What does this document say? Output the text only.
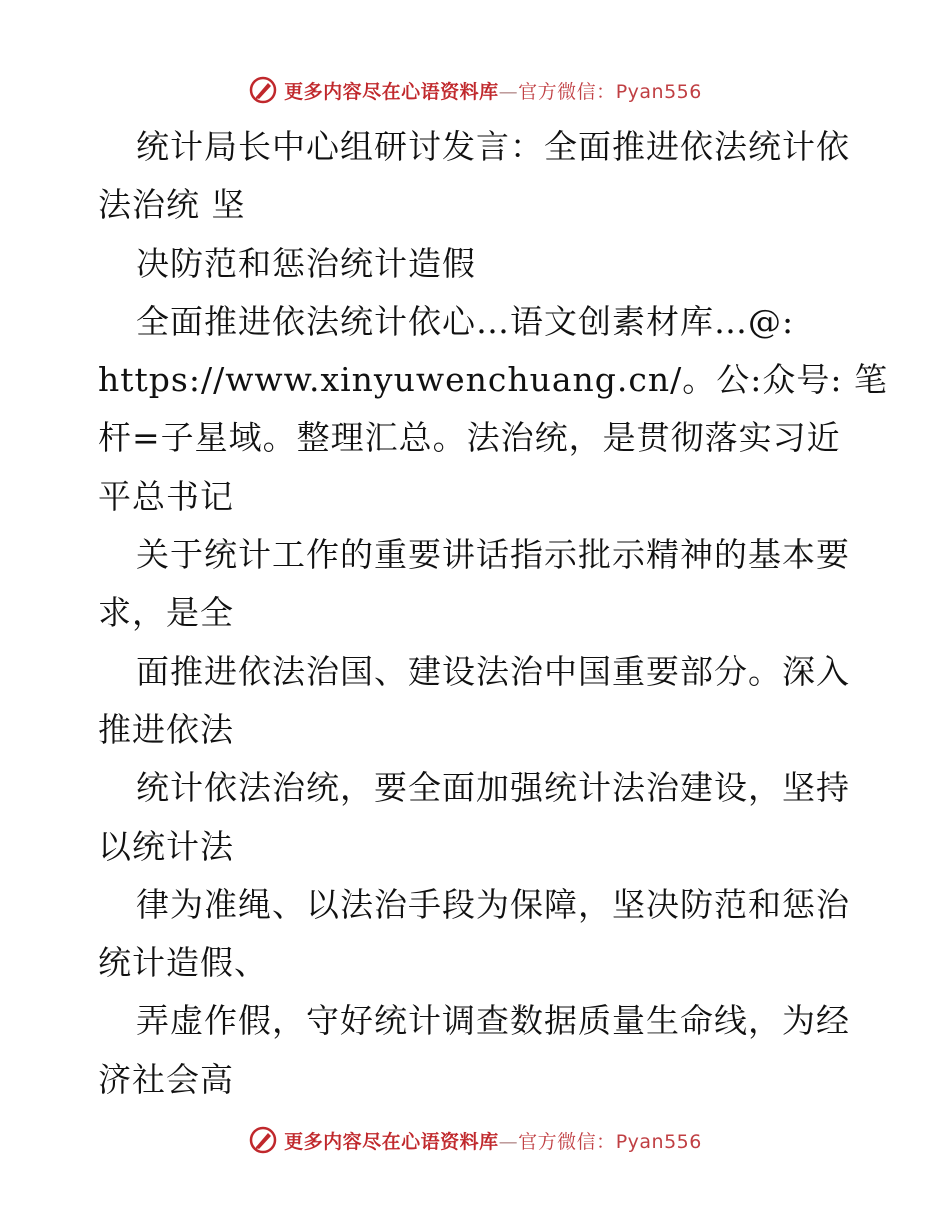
更多内容尽在心语资料库—官方微信：Pyan556
统计局长中心组研讨发言：全面推进依法统计依
法治统 坚
决防范和惩治统计造假
全面推进依法统计依心…语文创素材库…@:
https://www.xinyuwenchuang.cn/。公:众号: 笔
杆=子星域。整理汇总。法治统，是贯彻落实习近
平总书记
关于统计工作的重要讲话指示批示精神的基本要
求，是全
面推进依法治国、建设法治中国重要部分。深入
推进依法
统计依法治统，要全面加强统计法治建设，坚持
以统计法
律为准绳、以法治手段为保障，坚决防范和惩治
统计造假、
弄虚作假，守好统计调查数据质量生命线，为经
济社会高
更多内容尽在心语资料库—官方微信：Pyan556
